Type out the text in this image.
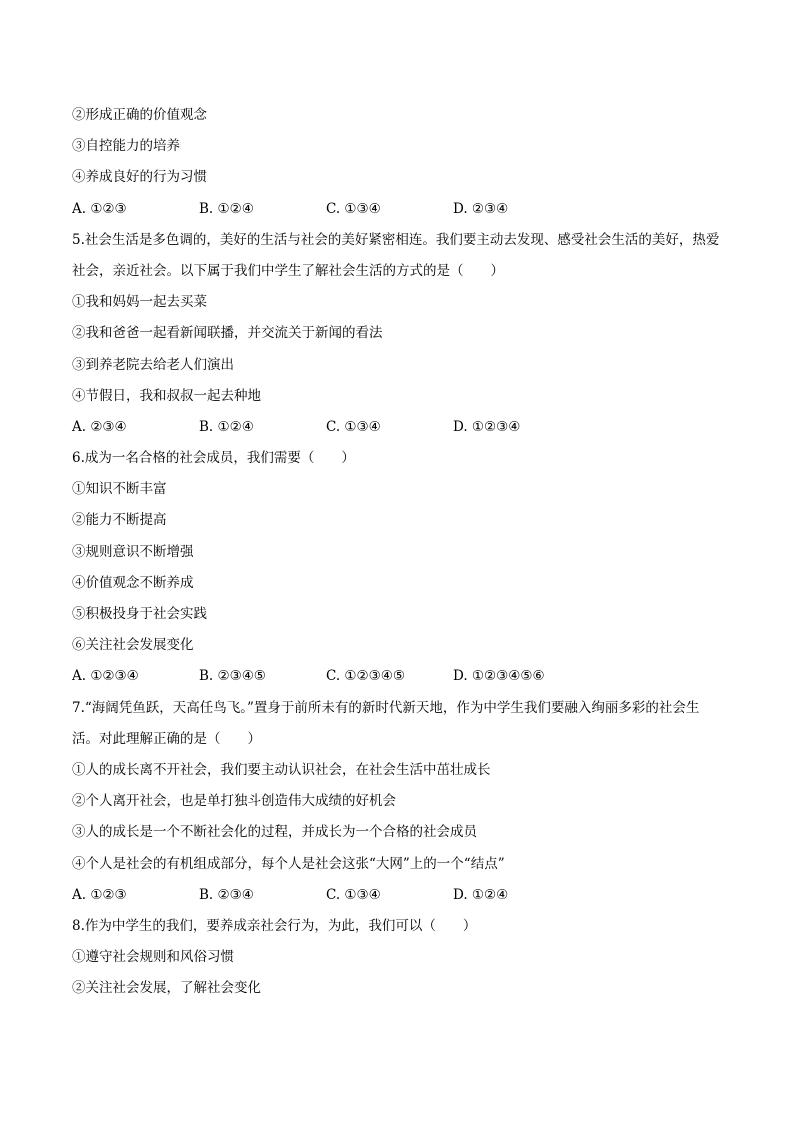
②形成正确的价值观念
③自控能力的培养
④养成良好的行为习惯
A. ①②③	B. ①②④	C. ①③④	D. ②③④
5.社会生活是多色调的，美好的生活与社会的美好紧密相连。我们要主动去发现、感受社会生活的美好，热爱社会，亲近社会。以下属于我们中学生了解社会生活的方式的是（　　）
①我和妈妈一起去买菜
②我和爸爸一起看新闻联播，并交流关于新闻的看法
③到养老院去给老人们演出
④节假日，我和叔叔一起去种地
A. ②③④	B. ①②④	C. ①③④	D. ①②③④
6.成为一名合格的社会成员，我们需要（　　）
①知识不断丰富
②能力不断提高
③规则意识不断增强
④价值观念不断养成
⑤积极投身于社会实践
⑥关注社会发展变化
A. ①②③④	B. ②③④⑤	C. ①②③④⑤	D. ①②③④⑤⑥
7.“海阔凭鱼跃，天高任鸟飞。”置身于前所未有的新时代新天地，作为中学生我们要融入绚丽多彩的社会生活。对此理解正确的是（　　）
①人的成长离不开社会，我们要主动认识社会，在社会生活中茁壮成长
②个人离开社会，也是单打独斗创造伟大成绩的好机会
③人的成长是一个不断社会化的过程，并成长为一个合格的社会成员
④个人是社会的有机组成部分，每个人是社会这张“大网”上的一个“结点”
A. ①②③	B. ②③④	C. ①③④	D. ①②④
8.作为中学生的我们，要养成亲社会行为，为此，我们可以（　　）
①遵守社会规则和风俗习惯
②关注社会发展，了解社会变化
